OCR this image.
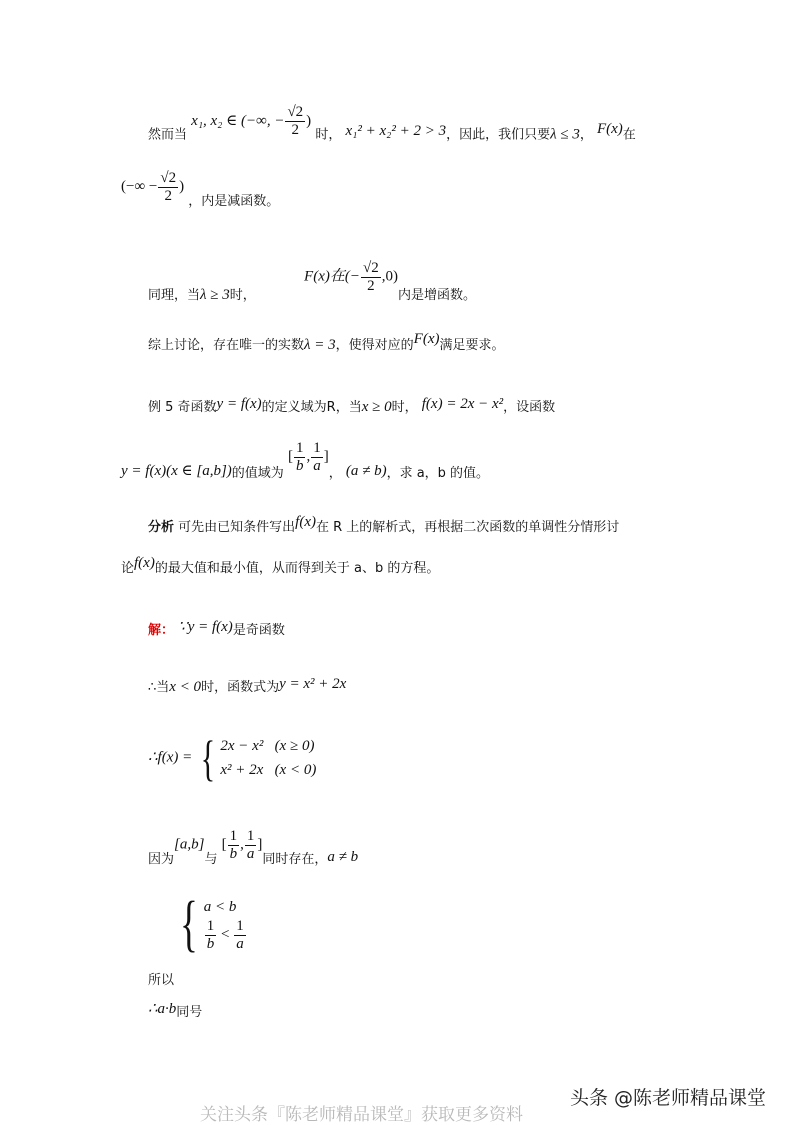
然而当 x₁, x₂ ∈ (−∞, − $\frac{√2}{2}$ ) 时， x₁² + x₂² + 2 > 3，因此，我们只要λ ≤ 3， F(x)在
(−∞ − $\frac{√2}{2}$ ) ，内是减函数。
同理，当λ ≥ 3时，  F(x)在(− $\frac{√2}{2} ,0$)内是增函数。
综上讨论，存在唯一的实数λ = 3，使得对应的F(x)满足要求。
例 5 奇函数y = f(x)的定义域为R，当x ≥ 0时， f(x) = 2x − x²，设函数
y = f(x)(x ∈ [a,b])的值域为 [ $\frac{1}{b}$ , $\frac{1}{a}$ ]， (a ≠ b)，求 a，b 的值。
分析 可先由已知条件写出f(x)在 R 上的解析式，再根据二次函数的单调性分情形讨
论f(x)的最大值和最小值，从而得到关于 a、b 的方程。
解： ∵y = f(x)是奇函数
∴当x < 0时，函数式为y = x² + 2x
∴f(x) = { 2x − x² (x ≥ 0)
x² + 2x (x < 0)
因为[a,b]与 [ $\frac{1}{b}$ , $\frac{1}{a}$ ]同时存在，a ≠ b
所以{ a < b
$\frac{1}{b} < \frac{1}{a}$
∴a·b同号
关注头条『陈老师精品课堂』获取更多资料
头条 @陈老师精品课堂
